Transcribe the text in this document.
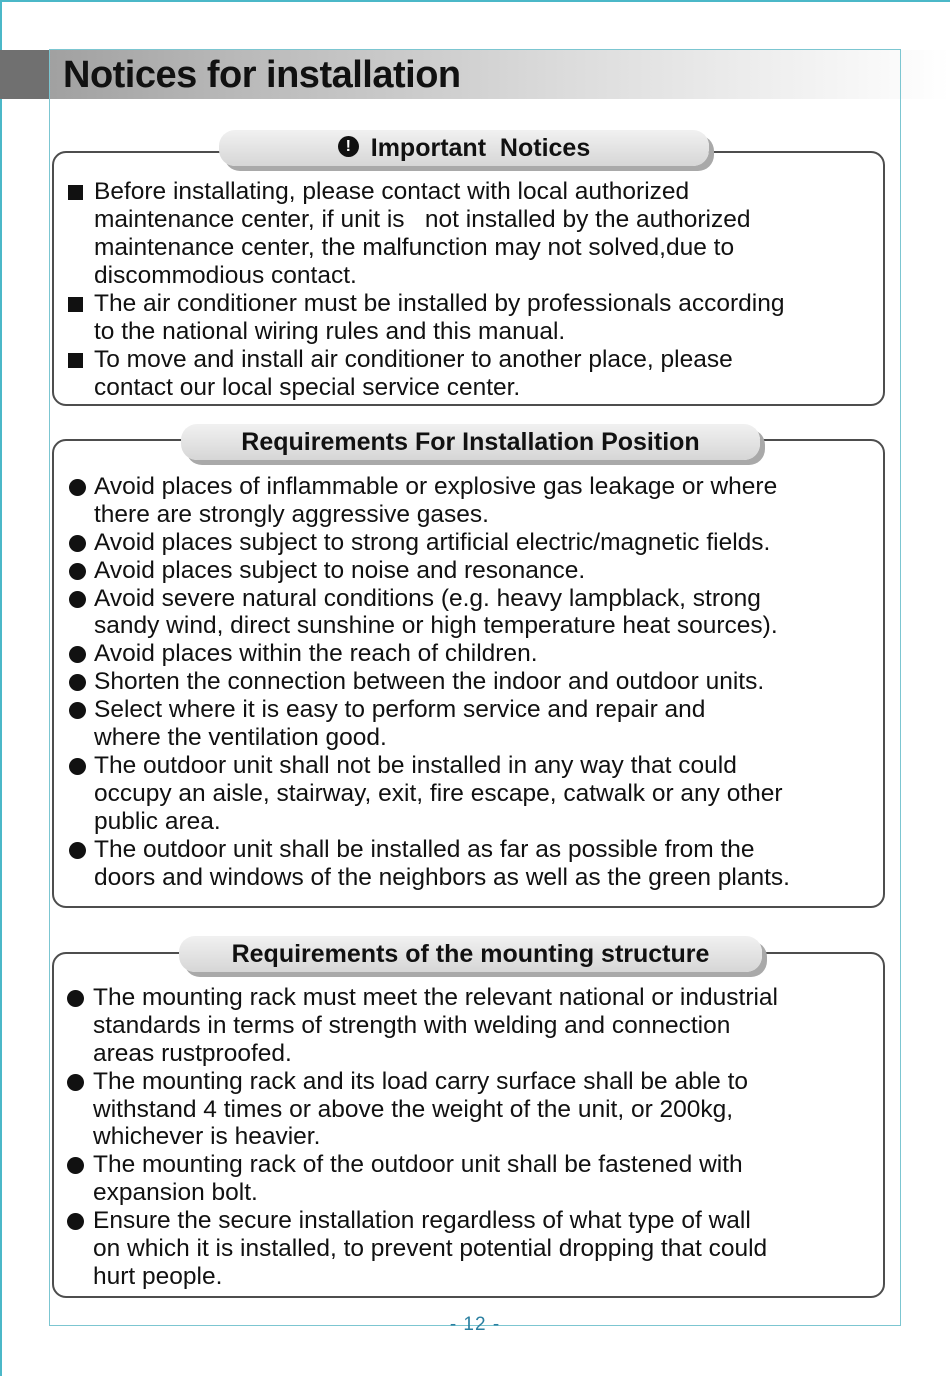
Notices for installation
Before installating, please contact with local authorized
maintenance center, if unit is   not installed by the authorized
maintenance center, the malfunction may not solved,due to
discommodious contact.
The air conditioner must be installed by professionals according
to the national wiring rules and this manual.
To move and install air conditioner to another place, please
contact our local special service center.
! Important  Notices
Avoid places of inflammable or explosive gas leakage or where
there are strongly aggressive gases.
Avoid places subject to strong artificial electric/magnetic fields.
Avoid places subject to noise and resonance.
Avoid severe natural conditions (e.g. heavy lampblack, strong
sandy wind, direct sunshine or high temperature heat sources).
Avoid places within the reach of children.
Shorten the connection between the indoor and outdoor units.
Select where it is easy to perform service and repair and
where the ventilation good.
The outdoor unit shall not be installed in any way that could
occupy an aisle, stairway, exit, fire escape, catwalk or any other
public area.
The outdoor unit shall be installed as far as possible from the
doors and windows of the neighbors as well as the green plants.
Requirements For Installation Position
The mounting rack must meet the relevant national or industrial
standards in terms of strength with welding and connection
areas rustproofed.
The mounting rack and its load carry surface shall be able to
withstand 4 times or above the weight of the unit, or 200kg,
whichever is heavier.
The mounting rack of the outdoor unit shall be fastened with
expansion bolt.
Ensure the secure installation regardless of what type of wall
on which it is installed, to prevent potential dropping that could
hurt people.
Requirements of the mounting structure
- 12 -
